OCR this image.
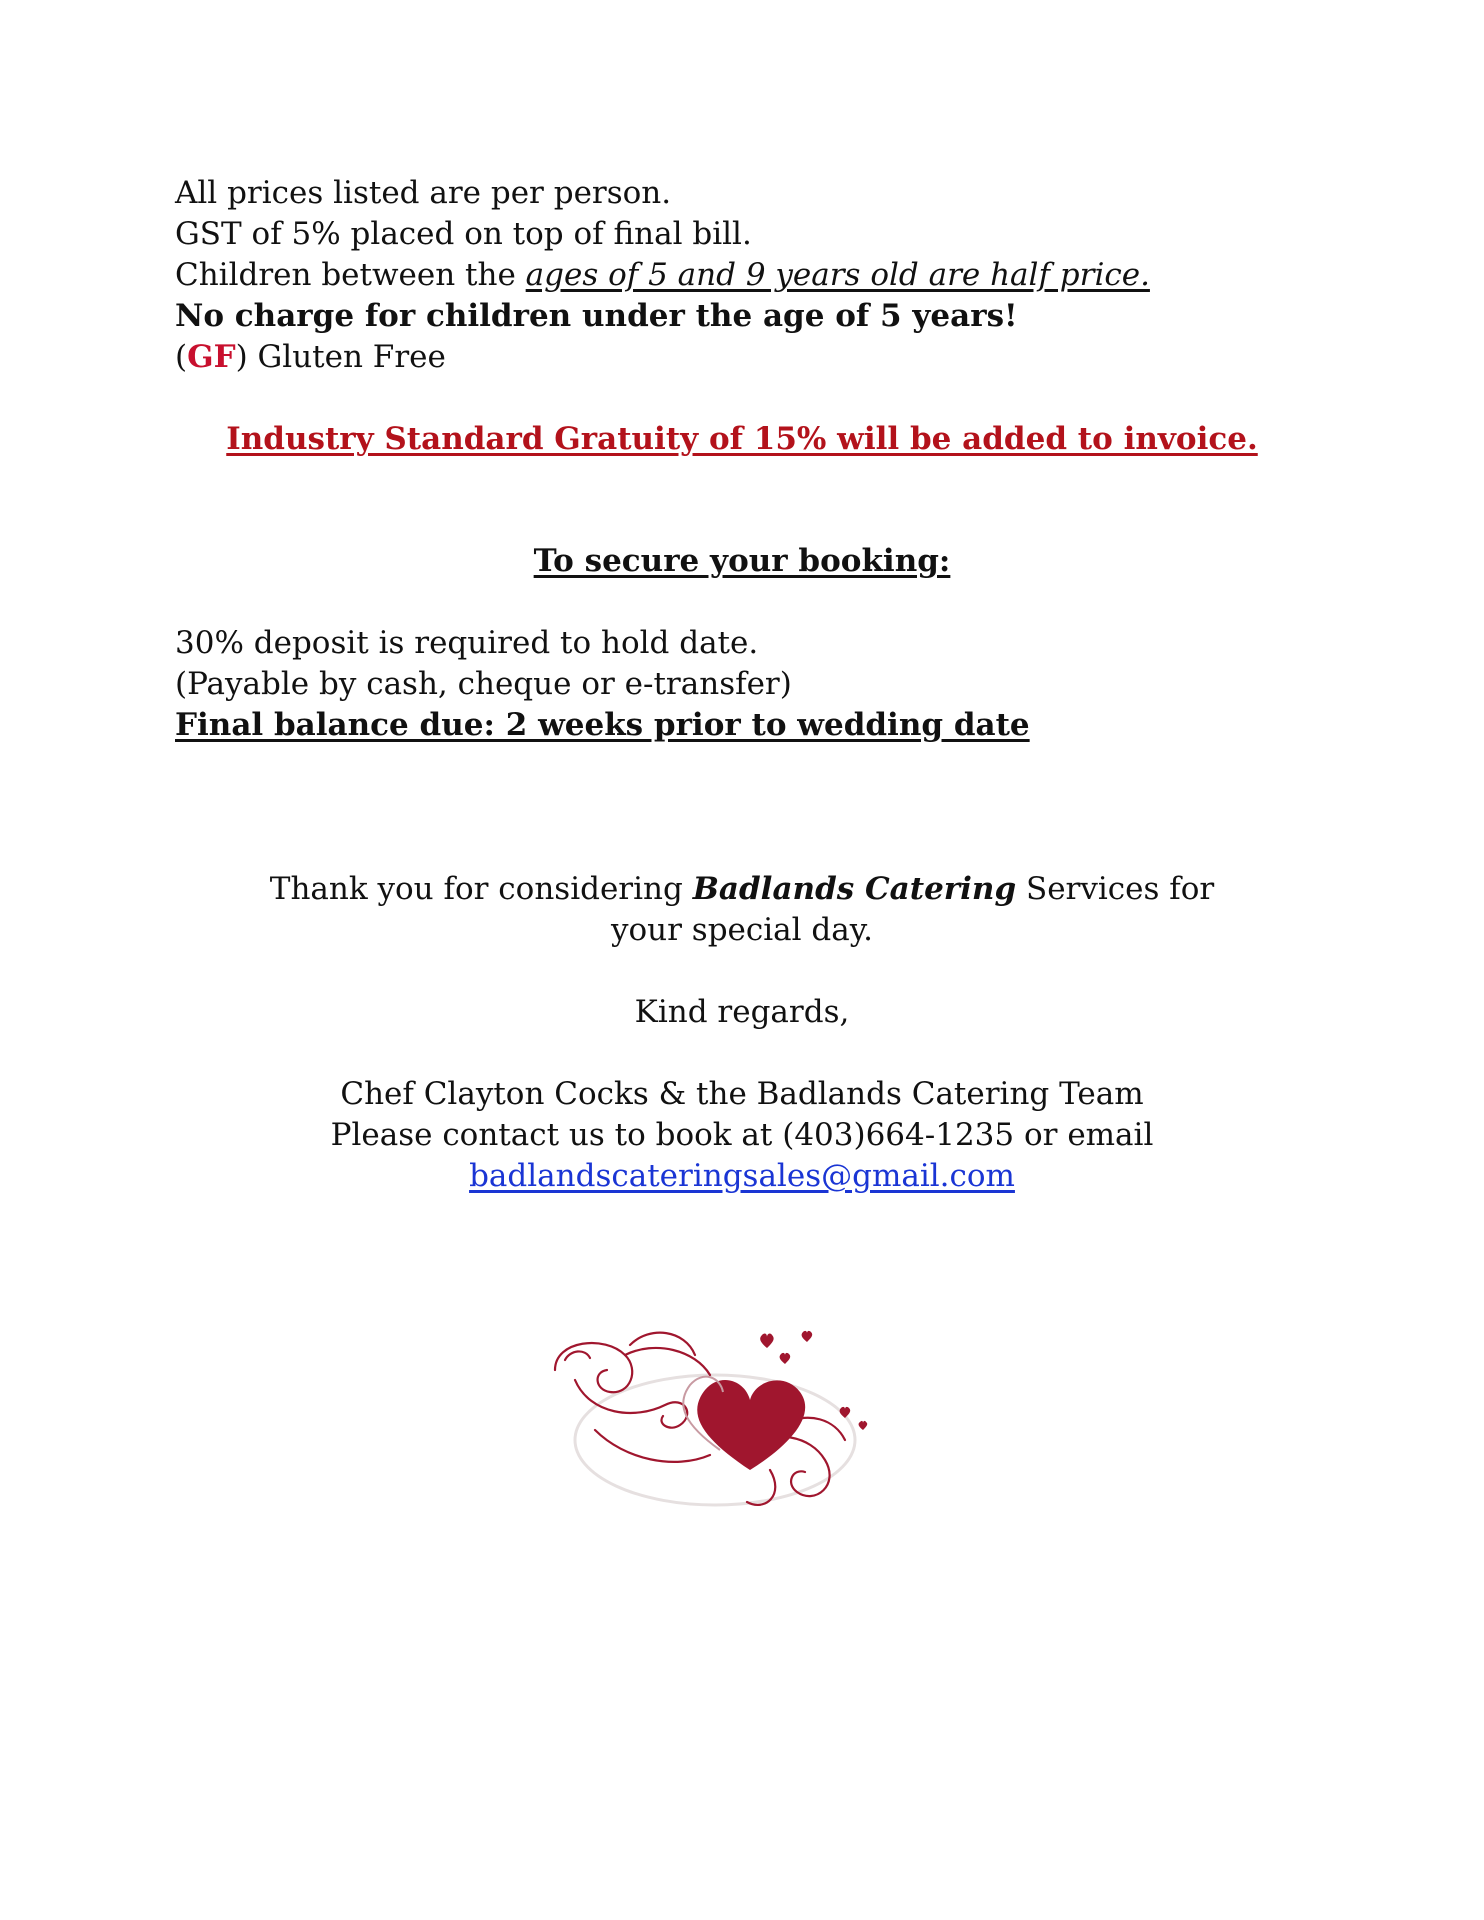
All prices listed are per person.
GST of 5% placed on top of final bill.
Children between the ages of 5 and 9 years old are half price.
No charge for children under the age of 5 years!
(GF) Gluten Free
Industry Standard Gratuity of 15% will be added to invoice.
To secure your booking:
30% deposit is required to hold date.
(Payable by cash, cheque or e-transfer)
Final balance due: 2 weeks prior to wedding date
Thank you for considering Badlands Catering Services for
your special day.
Kind regards,
Chef Clayton Cocks & the Badlands Catering Team
Please contact us to book at (403)664-1235 or email
badlandscateringsales@gmail.com
